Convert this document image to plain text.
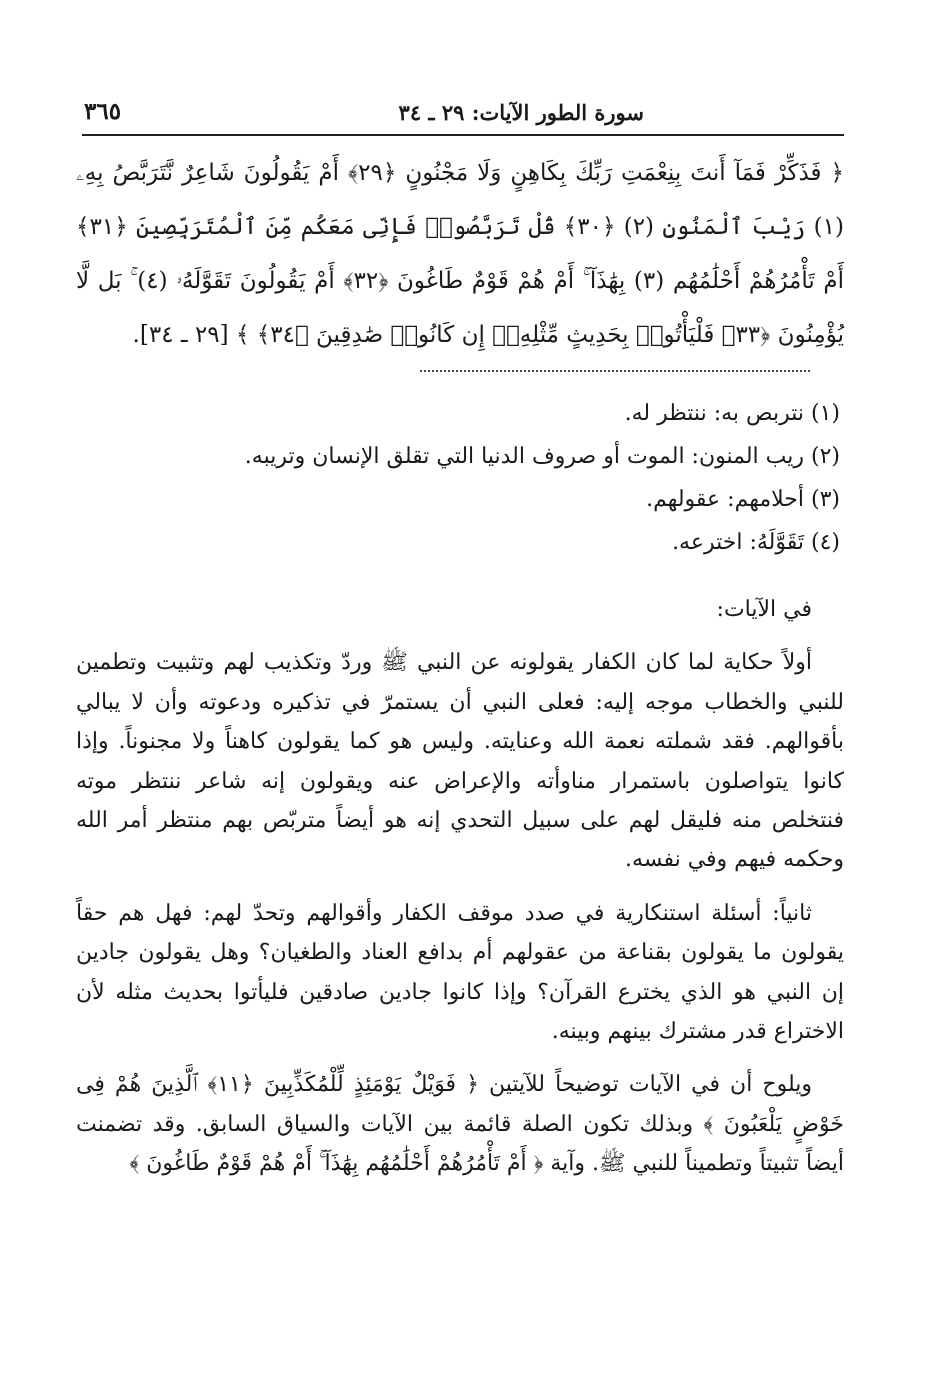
سورة الطور الآيات: ٢٩ ـ ٣٤
٣٦٥
﴿ فَذَكِّرْ فَمَآ أَنتَ بِنِعْمَتِ رَبِّكَ بِكَاهِنٍ وَلَا مَجْنُونٍ ﴿٢٩﴾ أَمْ يَقُولُونَ شَاعِرٌ نَّتَرَبَّصُ بِهِۦ (١) رَيْبَ ٱلْمَنُونِ (٢) ﴿٣٠﴾ قُلْ تَرَبَّصُوا۟ فَإِنِّى مَعَكُم مِّنَ ٱلْمُتَرَبِّصِينَ ﴿٣١﴾ أَمْ تَأْمُرُهُمْ أَحْلَٰمُهُم (٣) بِهَٰذَآ ۚ أَمْ هُمْ قَوْمٌ طَاغُونَ ﴿٣٢﴾ أَمْ يَقُولُونَ تَقَوَّلَهُۥ (٤) ۚ بَل لَّا يُؤْمِنُونَ ﴿٣٣﴾ فَلْيَأْتُوا۟ بِحَدِيثٍ مِّثْلِهِۦٓ إِن كَانُوا۟ صَٰدِقِينَ ﴿٣٤﴾ ﴾ [٢٩ ـ ٣٤].
(١) نتربص به: ننتظر له.
(٢) ريب المنون: الموت أو صروف الدنيا التي تقلق الإنسان وتريبه.
(٣) أحلامهم: عقولهم.
(٤) تَقَوَّلَهُ: اخترعه.
في الآيات:

أولاً حكاية لما كان الكفار يقولونه عن النبي ﷺ وردّ وتكذيب لهم وتثبيت وتطمين للنبي والخطاب موجه إليه: فعلى النبي أن يستمرّ في تذكيره ودعوته وأن لا يبالي بأقوالهم. فقد شملته نعمة الله وعنايته. وليس هو كما يقولون كاهناً ولا مجنوناً. وإذا كانوا يتواصلون باستمرار مناوأته والإعراض عنه ويقولون إنه شاعر ننتظر موته فنتخلص منه فليقل لهم على سبيل التحدي إنه هو أيضاً متربّص بهم منتظر أمر الله وحكمه فيهم وفي نفسه.

ثانياً: أسئلة استنكارية في صدد موقف الكفار وأقوالهم وتحدّ لهم: فهل هم حقاً يقولون ما يقولون بقناعة من عقولهم أم بدافع العناد والطغيان؟ وهل يقولون جادين إن النبي هو الذي يخترع القرآن؟ وإذا كانوا جادين صادقين فليأتوا بحديث مثله لأن الاختراع قدر مشترك بينهم وبينه.

ويلوح أن في الآيات توضيحاً للآيتين ﴿ فَوَيْلٌ يَوْمَئِذٍ لِّلْمُكَذِّبِينَ ﴿١١﴾ ٱلَّذِينَ هُمْ فِى خَوْضٍ يَلْعَبُونَ ﴾ وبذلك تكون الصلة قائمة بين الآيات والسياق السابق. وقد تضمنت أيضاً تثبيتاً وتطميناً للنبي ﷺ. وآية ﴿ أَمْ تَأْمُرُهُمْ أَحْلَٰمُهُم بِهَٰذَآ ۚ أَمْ هُمْ قَوْمٌ طَاغُونَ ﴾
